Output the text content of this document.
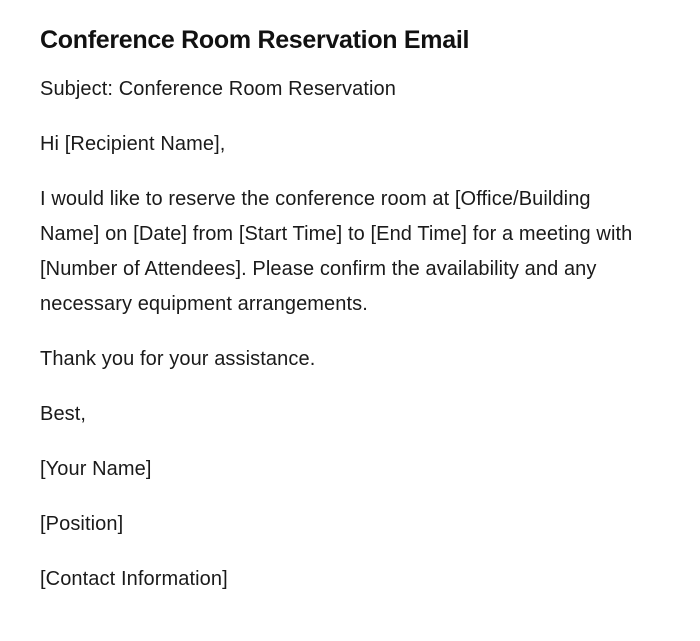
Conference Room Reservation Email

Subject: Conference Room Reservation

Hi [Recipient Name],

I would like to reserve the conference room at [Office/Building Name] on [Date] from [Start Time] to [End Time] for a meeting with [Number of Attendees]. Please confirm the availability and any necessary equipment arrangements.

Thank you for your assistance.

Best,

[Your Name]

[Position]

[Contact Information]
